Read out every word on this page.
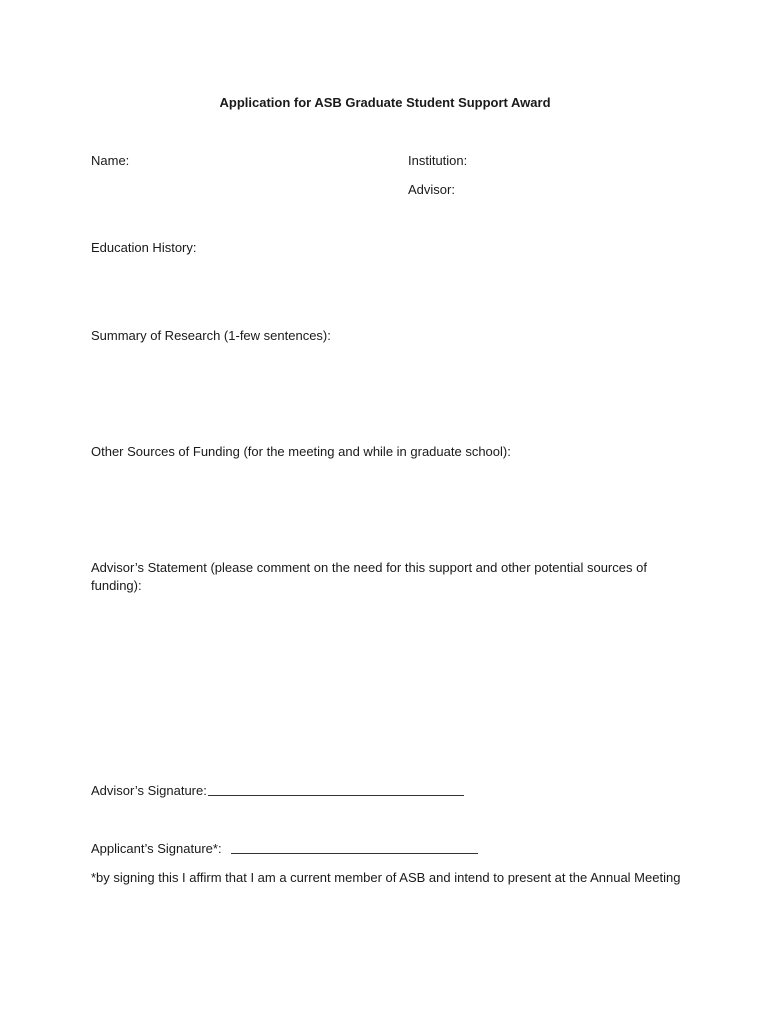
Application for ASB Graduate Student Support Award
Name:	Institution:
Advisor:
Education History:
Summary of Research (1-few sentences):
Other Sources of Funding (for the meeting and while in graduate school):
Advisor’s Statement (please comment on the need for this support and other potential sources of funding):
Advisor’s Signature:
Applicant’s Signature*:
*by signing this I affirm that I am a current member of ASB and intend to present at the Annual Meeting
